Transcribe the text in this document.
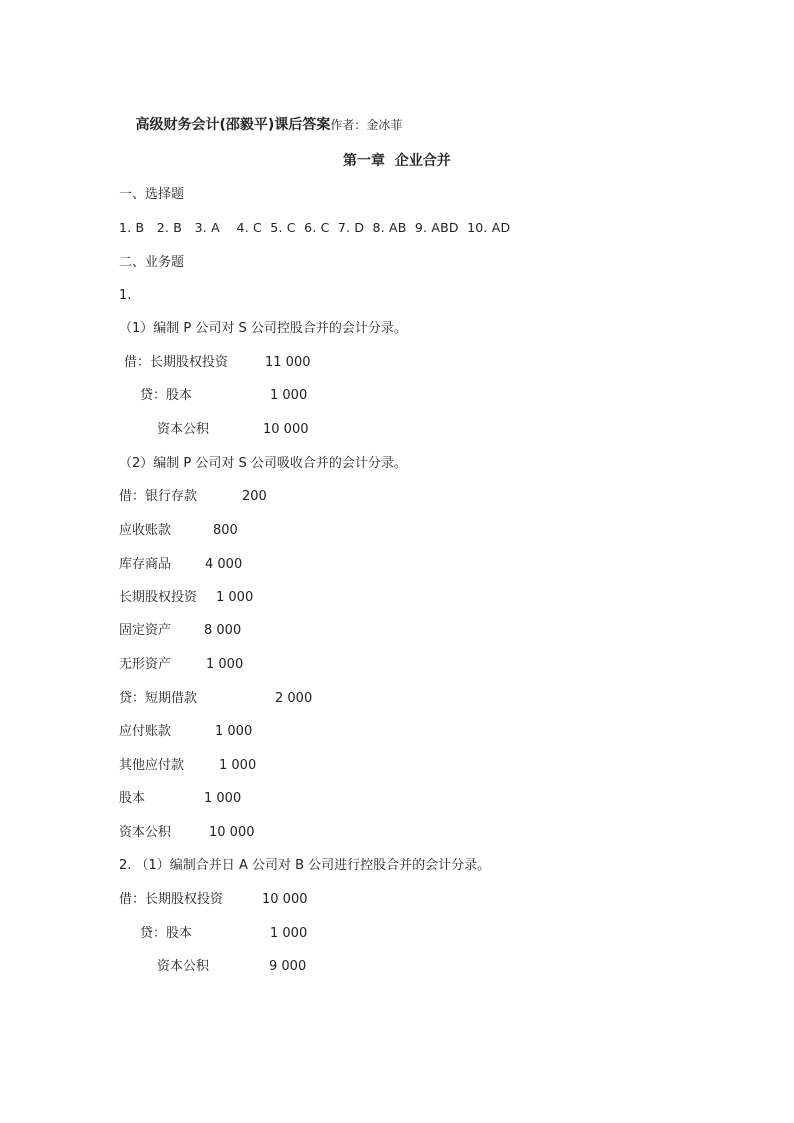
高级财务会计(邵毅平)课后答案作者：金冰菲

第一章  企业合并
一、选择题
1. B   2. B   3. A    4. C  5. C  6. C  7. D  8. AB  9. ABD  10. AD
二、业务题
1.
（1）编制 P 公司对 S 公司控股合并的会计分录。
借：长期股权投资	11 000
贷：股本	1 000
资本公积	10 000
（2）编制 P 公司对 S 公司吸收合并的会计分录。
借：银行存款	200
应收账款	800
库存商品	4 000
长期股权投资 1 000
固定资产	8 000
无形资产	1 000
贷：短期借款	2 000
应付账款	1 000
其他应付款	1 000
股本	1 000
资本公积	10 000
2. （1）编制合并日 A 公司对 B 公司进行控股合并的会计分录。
借：长期股权投资	10 000
贷：股本	1 000
资本公积	9 000
